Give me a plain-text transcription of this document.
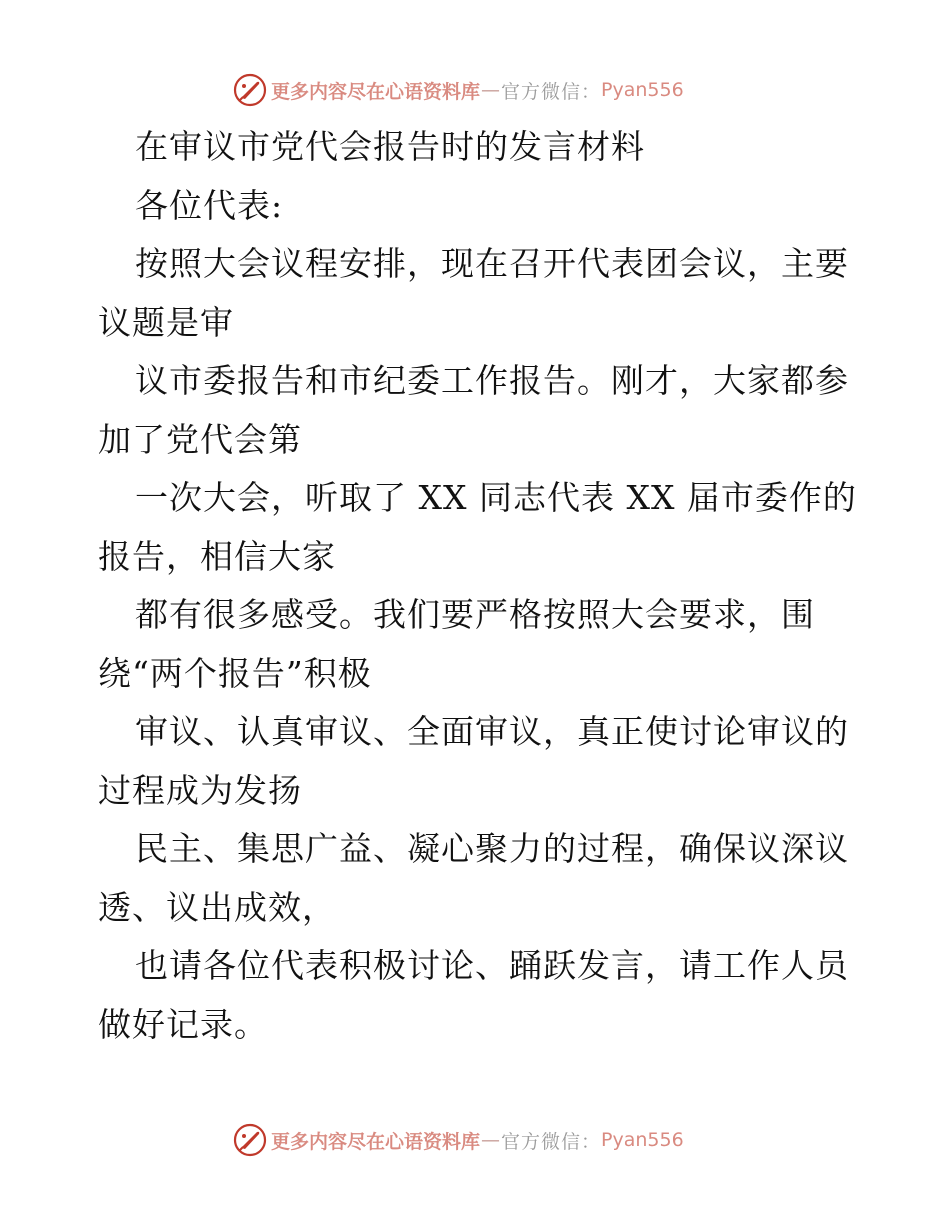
更多内容尽在心语资料库 — 官方微信： Pyan556
在审议市党代会报告时的发言材料
各位代表:
按照大会议程安排，现在召开代表团会议，主要
议题是审
议市委报告和市纪委工作报告。刚才，大家都参
加了党代会第
一次大会，听取了 XX 同志代表 XX 届市委作的
报告，相信大家
都有很多感受。我们要严格按照大会要求，围
绕“两个报告”积极
审议、认真审议、全面审议，真正使讨论审议的
过程成为发扬
民主、集思广益、凝心聚力的过程，确保议深议
透、议出成效，
也请各位代表积极讨论、踊跃发言，请工作人员
做好记录。
更多内容尽在心语资料库 — 官方微信： Pyan556
